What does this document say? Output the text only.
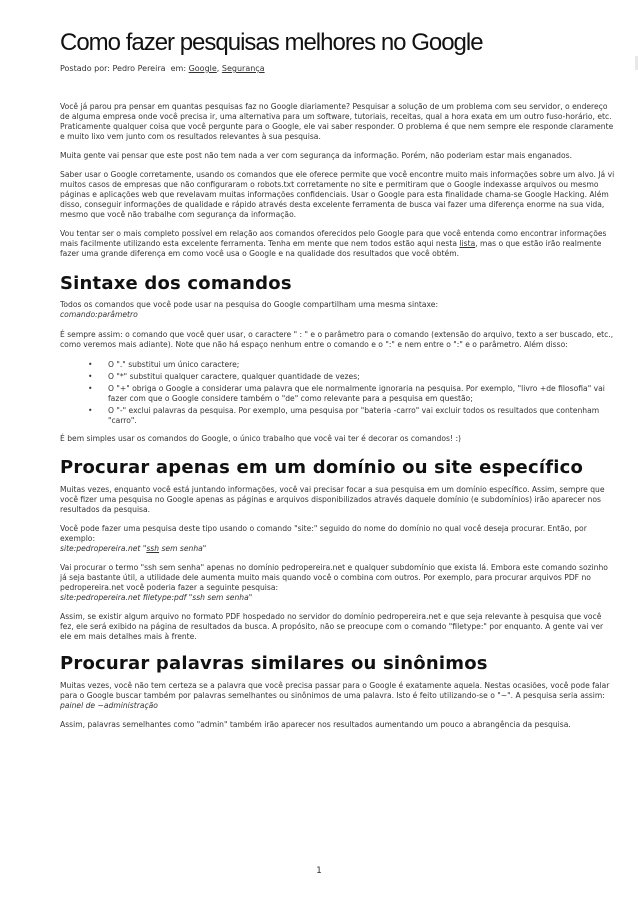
Como fazer pesquisas melhores no Google
Postado por: Pedro Pereira em: Google, Segurança

Você já parou pra pensar em quantas pesquisas faz no Google diariamente? Pesquisar a solução de um problema com seu servidor, o endereço de alguma empresa onde você precisa ir, uma alternativa para um software, tutoriais, receitas, qual a hora exata em um outro fuso-horário, etc. Praticamente qualquer coisa que você pergunte para o Google, ele vai saber responder. O problema é que nem sempre ele responde claramente e muito lixo vem junto com os resultados relevantes à sua pesquisa.

Muita gente vai pensar que este post não tem nada a ver com segurança da informação. Porém, não poderiam estar mais enganados.

Saber usar o Google corretamente, usando os comandos que ele oferece permite que você encontre muito mais informações sobre um alvo. Já vi muitos casos de empresas que não configuraram o robots.txt corretamente no site e permitiram que o Google indexasse arquivos ou mesmo páginas e aplicações web que revelavam muitas informações confidenciais. Usar o Google para esta finalidade chama-se Google Hacking. Além disso, conseguir informações de qualidade e rápido através desta excelente ferramenta de busca vai fazer uma diferença enorme na sua vida, mesmo que você não trabalhe com segurança da informação.

Vou tentar ser o mais completo possível em relação aos comandos oferecidos pelo Google para que você entenda como encontrar informações mais facilmente utilizando esta excelente ferramenta. Tenha em mente que nem todos estão aqui nesta lista, mas o que estão irão realmente fazer uma grande diferença em como você usa o Google e na qualidade dos resultados que você obtém.

Sintaxe dos comandos

Todos os comandos que você pode usar na pesquisa do Google compartilham uma mesma sintaxe:

comando:parâmetro

É sempre assim: o comando que você quer usar, o caractere " : " e o parâmetro para o comando (extensão do arquivo, texto a ser buscado, etc., como veremos mais adiante). Note que não há espaço nenhum entre o comando e o ":" e nem entre o ":" e o parâmetro. Além disso:

• O "." substitui um único caractere;
• O "*" substitui qualquer caractere, qualquer quantidade de vezes;
• O "+" obriga o Google a considerar uma palavra que ele normalmente ignoraria na pesquisa. Por exemplo, "livro +de filosofia" vai fazer com que o Google considere também o "de" como relevante para a pesquisa em questão;
• O "-" exclui palavras da pesquisa. Por exemplo, uma pesquisa por "bateria -carro" vai excluir todos os resultados que contenham "carro".

É bem simples usar os comandos do Google, o único trabalho que você vai ter é decorar os comandos! :)

Procurar apenas em um domínio ou site específico

Muitas vezes, enquanto você está juntando informações, você vai precisar focar a sua pesquisa em um domínio específico. Assim, sempre que você fizer uma pesquisa no Google apenas as páginas e arquivos disponibilizados através daquele domínio (e subdomínios) irão aparecer nos resultados da pesquisa.

Você pode fazer uma pesquisa deste tipo usando o comando "site:" seguido do nome do domínio no qual você deseja procurar. Então, por exemplo:

site:pedropereira.net "ssh sem senha"

Vai procurar o termo "ssh sem senha" apenas no domínio pedropereira.net e qualquer subdomínio que exista lá. Embora este comando sozinho já seja bastante útil, a utilidade dele aumenta muito mais quando você o combina com outros. Por exemplo, para procurar arquivos PDF no pedropereira.net você poderia fazer a seguinte pesquisa:

site:pedropereira.net filetype:pdf "ssh sem senha"

Assim, se existir algum arquivo no formato PDF hospedado no servidor do domínio pedropereira.net e que seja relevante à pesquisa que você fez, ele será exibido na página de resultados da busca. A propósito, não se preocupe com o comando "filetype:" por enquanto. A gente vai ver ele em mais detalhes mais à frente.

Procurar palavras similares ou sinônimos

Muitas vezes, você não tem certeza se a palavra que você precisa passar para o Google é exatamente aquela. Nestas ocasiões, você pode falar para o Google buscar também por palavras semelhantes ou sinônimos de uma palavra. Isto é feito utilizando-se o "~". A pesquisa seria assim:

painel de ~administração

Assim, palavras semelhantes como "admin" também irão aparecer nos resultados aumentando um pouco a abrangência da pesquisa.

1
